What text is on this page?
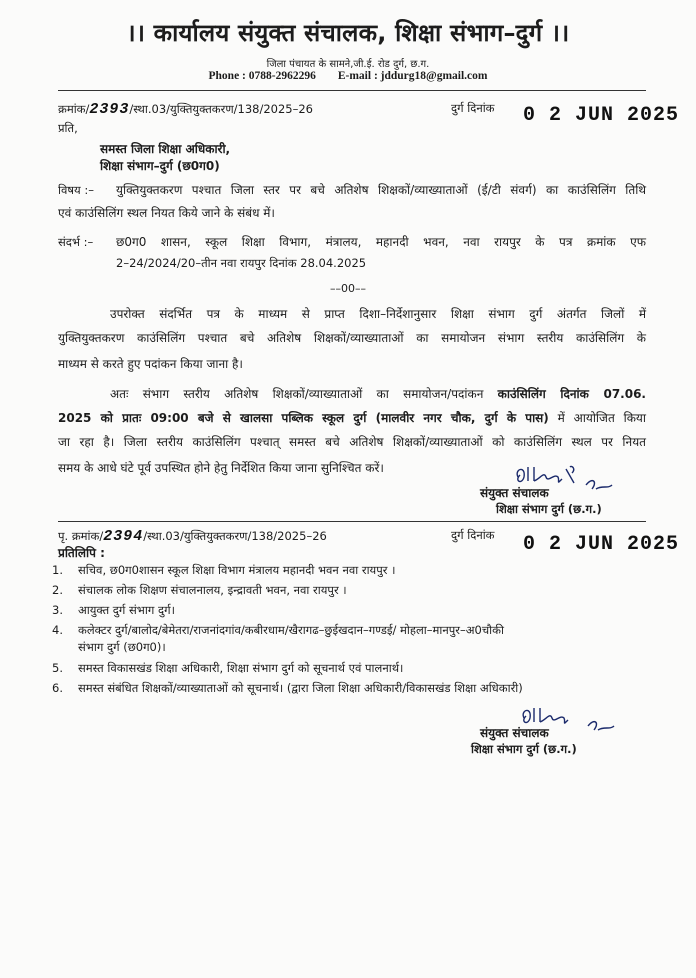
।। कार्यालय संयुक्त संचालक, शिक्षा संभाग–दुर्ग ।।
जिला पंचायत के सामने,जी.ई. रोड दुर्ग, छ.ग.
Phone : 0788-2962296 E-mail : jddurg18@gmail.com
क्रमांक/2393/स्था.03/युक्तियुक्तकरण/138/2025–26	दुर्ग दिनांक 0 2 JUN 2025
प्रति,
समस्त जिला शिक्षा अधिकारी,
शिक्षा संभाग–दुर्ग (छ0ग0)
विषय :– युक्तियुक्तकरण पश्चात जिला स्तर पर बचे अतिशेष शिक्षकों/व्याख्याताओं (ई/टी संवर्ग) का काउंसिलिंग तिथि
एवं काउंसिलिंग स्थल नियत किये जाने के संबंध में।
संदर्भ :– छ0ग0 शासन, स्कूल शिक्षा विभाग, मंत्रालय, महानदी भवन, नवा रायपुर के पत्र क्रमांक एफ
2–24/2024/20–तीन नवा रायपुर दिनांक 28.04.2025
––00––
उपरोक्त संदर्भित पत्र के माध्यम से प्राप्त दिशा–निर्देशानुसार शिक्षा संभाग दुर्ग अंतर्गत जिलों में
युक्तियुक्तकरण काउंसिलिंग पश्चात बचे अतिशेष शिक्षकों/व्याख्याताओं का समायोजन संभाग स्तरीय काउंसिलिंग के
माध्यम से करते हुए पदांकन किया जाना है।
अतः संभाग स्तरीय अतिशेष शिक्षकों/व्याख्याताओं का समायोजन/पदांकन काउंसिलिंग दिनांक 07.06.
2025 को प्रातः 09:00 बजे से खालसा पब्लिक स्कूल दुर्ग (मालवीर नगर चौक, दुर्ग के पास) में आयोजित किया
जा रहा है। जिला स्तरीय काउंसिलिंग पश्चात् समस्त बचे अतिशेष शिक्षकों/व्याख्याताओं को काउंसिलिंग स्थल पर नियत
समय के आधे घंटे पूर्व उपस्थित होने हेतु निर्देशित किया जाना सुनिश्चित करें।
संयुक्त संचालक
शिक्षा संभाग दुर्ग (छ.ग.)
पृ. क्रमांक/2394/स्था.03/युक्तियुक्तकरण/138/2025–26	दुर्ग दिनांक 0 2 JUN 2025
प्रतिलिपि :
1. सचिव, छ0ग0शासन स्कूल शिक्षा विभाग मंत्रालय महानदी भवन नवा रायपुर ।
2. संचालक लोक शिक्षण संचालनालय, इन्द्रावती भवन, नवा रायपुर ।
3. आयुक्त दुर्ग संभाग दुर्ग।
4. कलेक्टर दुर्ग/बालोद/बेमेतरा/राजनांदगांव/कबीरधाम/खैरागढ–छुईखदान–गण्डई/ मोहला–मानपुर–अ0चौकी
संभाग दुर्ग (छ0ग0)।
5. समस्त विकासखंड शिक्षा अधिकारी, शिक्षा संभाग दुर्ग को सूचनार्थ एवं पालनार्थ।
6. समस्त संबंधित शिक्षकों/व्याख्याताओं को सूचनार्थ। (द्वारा जिला शिक्षा अधिकारी/विकासखंड शिक्षा अधिकारी)
संयुक्त संचालक
शिक्षा संभाग दुर्ग (छ.ग.)
